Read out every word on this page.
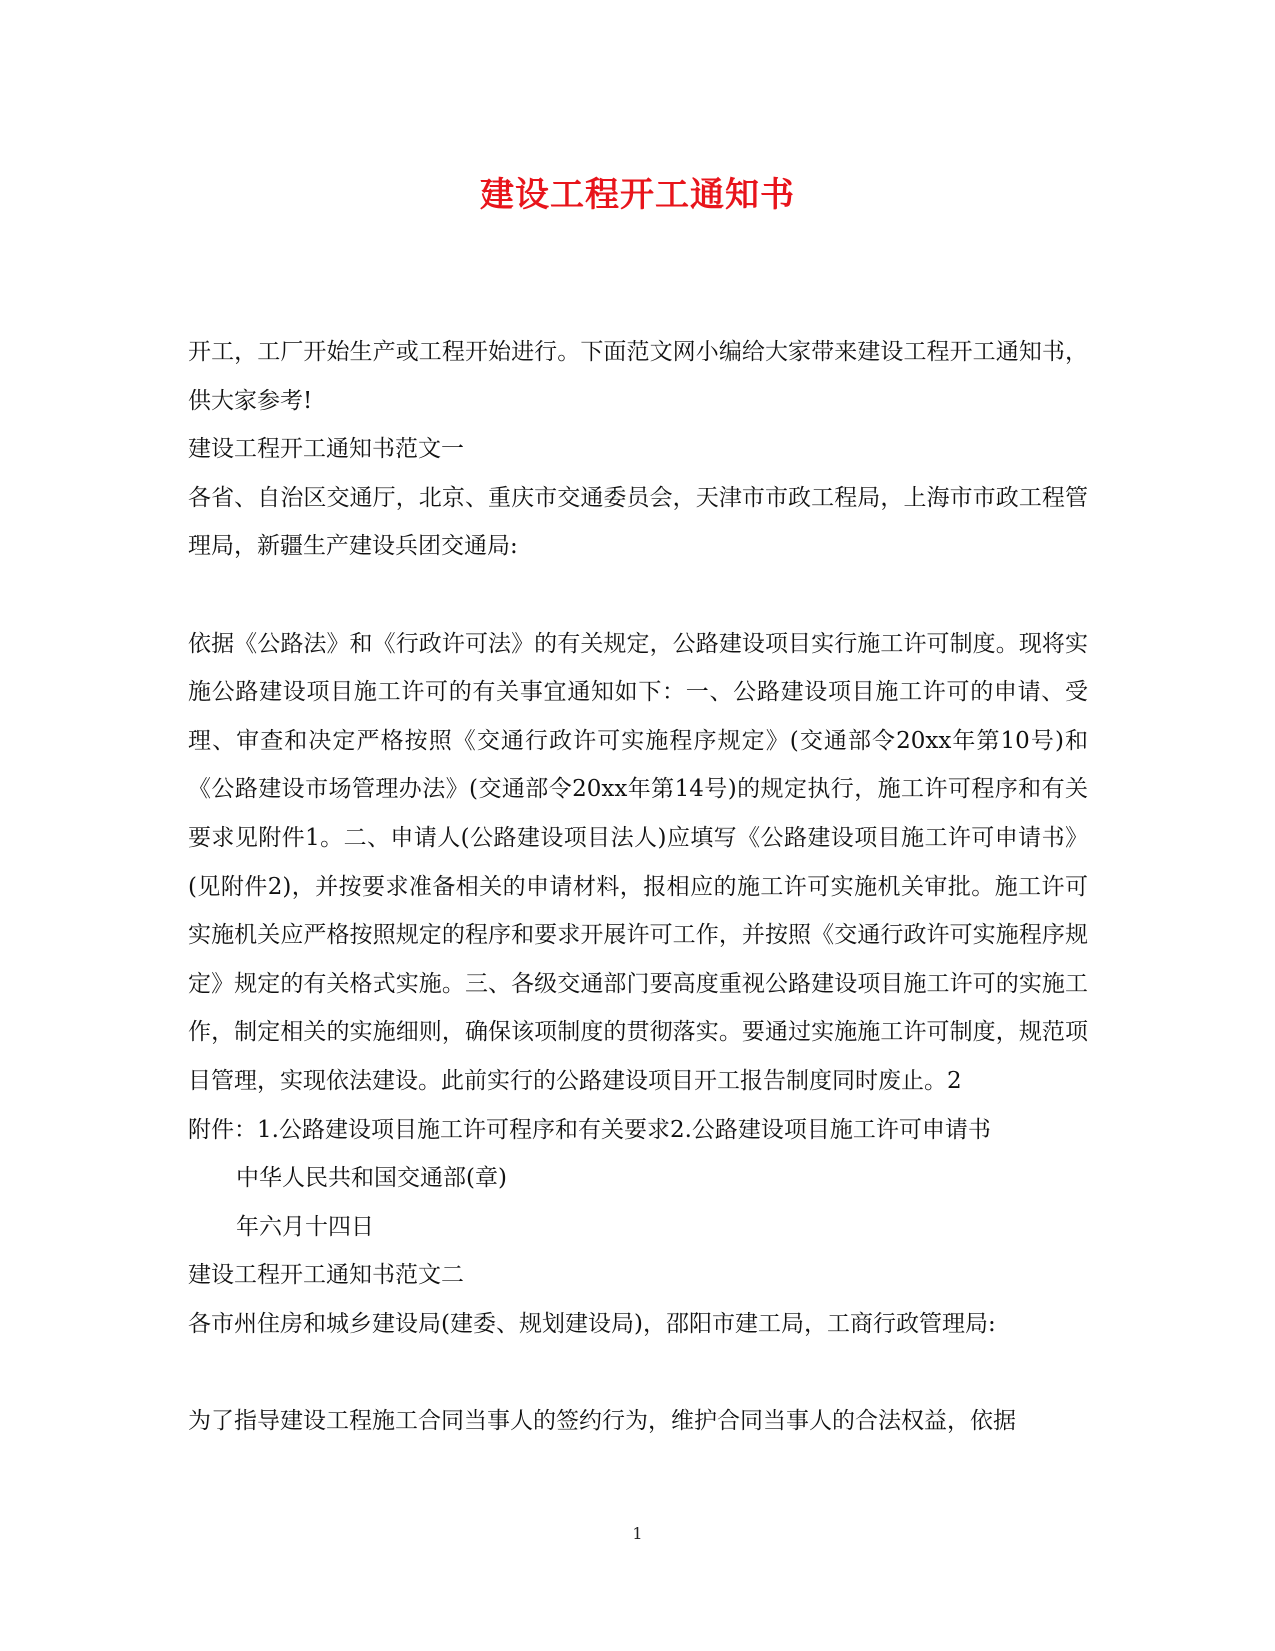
建设工程开工通知书

开工，工厂开始生产或工程开始进行。下面范文网小编给大家带来建设工程开工通知书，供大家参考!

建设工程开工通知书范文一

各省、自治区交通厅，北京、重庆市交通委员会，天津市市政工程局，上海市市政工程管理局，新疆生产建设兵团交通局:

依据《公路法》和《行政许可法》的有关规定，公路建设项目实行施工许可制度。现将实施公路建设项目施工许可的有关事宜通知如下：一、公路建设项目施工许可的申请、受理、审查和决定严格按照《交通行政许可实施程序规定》(交通部令20xx年第10号)和《公路建设市场管理办法》(交通部令20xx年第14号)的规定执行，施工许可程序和有关要求见附件1。二、申请人(公路建设项目法人)应填写《公路建设项目施工许可申请书》(见附件2)，并按要求准备相关的申请材料，报相应的施工许可实施机关审批。施工许可实施机关应严格按照规定的程序和要求开展许可工作，并按照《交通行政许可实施程序规定》规定的有关格式实施。三、各级交通部门要高度重视公路建设项目施工许可的实施工作，制定相关的实施细则，确保该项制度的贯彻落实。要通过实施施工许可制度，规范项目管理，实现依法建设。此前实行的公路建设项目开工报告制度同时废止。2

附件：1.公路建设项目施工许可程序和有关要求2.公路建设项目施工许可申请书

中华人民共和国交通部(章)

年六月十四日

建设工程开工通知书范文二

各市州住房和城乡建设局(建委、规划建设局)，邵阳市建工局，工商行政管理局:

为了指导建设工程施工合同当事人的签约行为，维护合同当事人的合法权益，依据

1
